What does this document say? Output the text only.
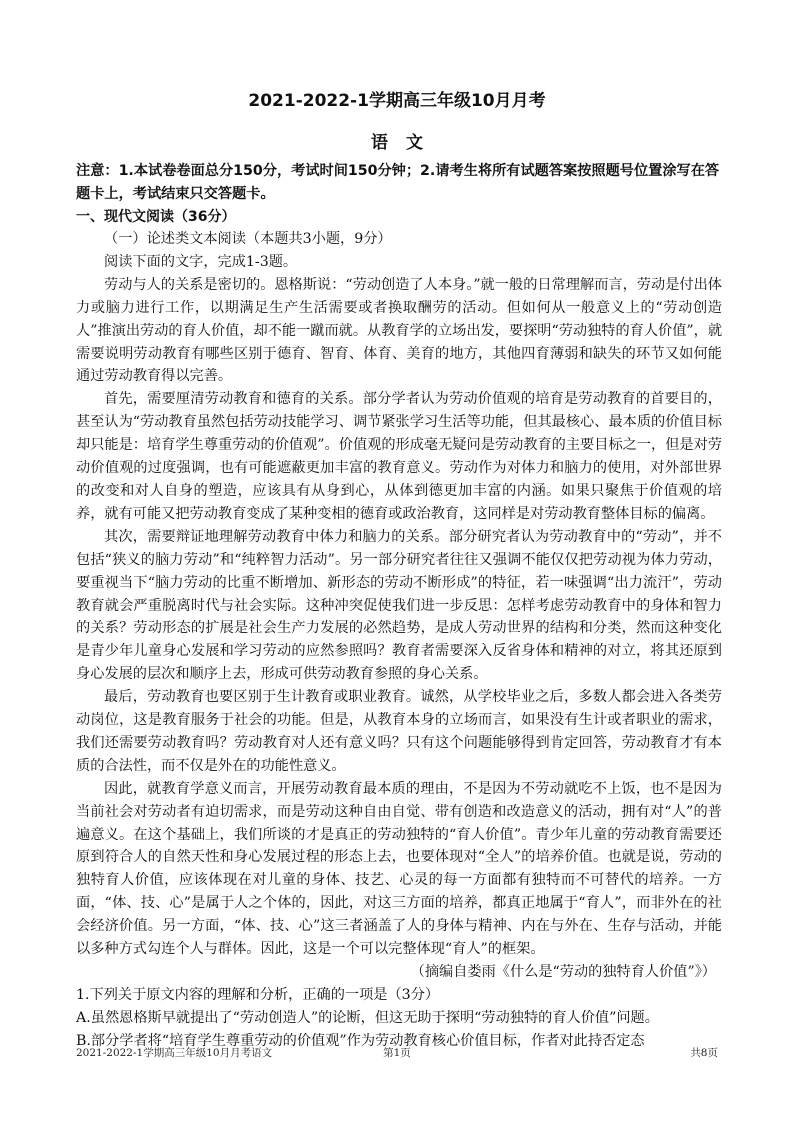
2021-2022-1学期高三年级10月月考
语文
注意：1.本试卷卷面总分150分，考试时间150分钟；2.请考生将所有试题答案按照题号位置涂写在答题卡上，考试结束只交答题卡。
一、现代文阅读（36分）

（一）论述类文本阅读（本题共3小题，9分）

阅读下面的文字，完成1-3题。

劳动与人的关系是密切的。恩格斯说：“劳动创造了人本身。”就一般的日常理解而言，劳动是付出体力或脑力进行工作，以期满足生产生活需要或者换取酬劳的活动。但如何从一般意义上的“劳动创造人”推演出劳动的育人价值，却不能一蹴而就。从教育学的立场出发，要探明“劳动独特的育人价值”，就需要说明劳动教育有哪些区别于德育、智育、体育、美育的地方，其他四育薄弱和缺失的环节又如何能通过劳动教育得以完善。

首先，需要厘清劳动教育和德育的关系。部分学者认为劳动价值观的培育是劳动教育的首要目的，甚至认为“劳动教育虽然包括劳动技能学习、调节紧张学习生活等功能，但其最核心、最本质的价值目标却只能是：培育学生尊重劳动的价值观”。价值观的形成毫无疑问是劳动教育的主要目标之一，但是对劳动价值观的过度强调，也有可能遮蔽更加丰富的教育意义。劳动作为对体力和脑力的使用，对外部世界的改变和对人自身的塑造，应该具有从身到心，从体到德更加丰富的内涵。如果只聚焦于价值观的培养，就有可能又把劳动教育变成了某种变相的德育或政治教育，这同样是对劳动教育整体目标的偏离。

其次，需要辩证地理解劳动教育中体力和脑力的关系。部分研究者认为劳动教育中的“劳动”，并不包括“狭义的脑力劳动”和“纯粹智力活动”。另一部分研究者往往又强调不能仅仅把劳动视为体力劳动，要重视当下“脑力劳动的比重不断增加、新形态的劳动不断形成”的特征，若一味强调“出力流汗”，劳动教育就会严重脱离时代与社会实际。这种冲突促使我们进一步反思：怎样考虑劳动教育中的身体和智力的关系？劳动形态的扩展是社会生产力发展的必然趋势，是成人劳动世界的结构和分类，然而这种变化是青少年儿童身心发展和学习劳动的应然参照吗？教育者需要深入反省身体和精神的对立，将其还原到身心发展的层次和顺序上去，形成可供劳动教育参照的身心关系。

最后，劳动教育也要区别于生计教育或职业教育。诚然，从学校毕业之后，多数人都会进入各类劳动岗位，这是教育服务于社会的功能。但是，从教育本身的立场而言，如果没有生计或者职业的需求，我们还需要劳动教育吗？劳动教育对人还有意义吗？只有这个问题能够得到肯定回答，劳动教育才有本质的合法性，而不仅是外在的功能性意义。

因此，就教育学意义而言，开展劳动教育最本质的理由，不是因为不劳动就吃不上饭，也不是因为当前社会对劳动者有迫切需求，而是劳动这种自由自觉、带有创造和改造意义的活动，拥有对“人”的普遍意义。在这个基础上，我们所谈的才是真正的劳动独特的“育人价值”。青少年儿童的劳动教育需要还原到符合人的自然天性和身心发展过程的形态上去，也要体现对“全人”的培养价值。也就是说，劳动的独特育人价值，应该体现在对儿童的身体、技艺、心灵的每一方面都有独特而不可替代的培养。一方面，“体、技、心”是属于人之个体的，因此，对这三方面的培养，都真正地属于“育人”，而非外在的社会经济价值。另一方面，“体、技、心”这三者涵盖了人的身体与精神、内在与外在、生存与活动，并能以多种方式勾连个人与群体。因此，这是一个可以完整体现“育人”的框架。

（摘编自娄雨《什么是“劳动的独特育人价值”》）

1.下列关于原文内容的理解和分析，正确的一项是（3分）

A.虽然恩格斯早就提出了“劳动创造人”的论断，但这无助于探明“劳动独特的育人价值”问题。

B.部分学者将“培育学生尊重劳动的价值观”作为劳动教育核心价值目标，作者对此持否定态

2021-2022-1学期高三年级10月月考语文	第1页	共8页
